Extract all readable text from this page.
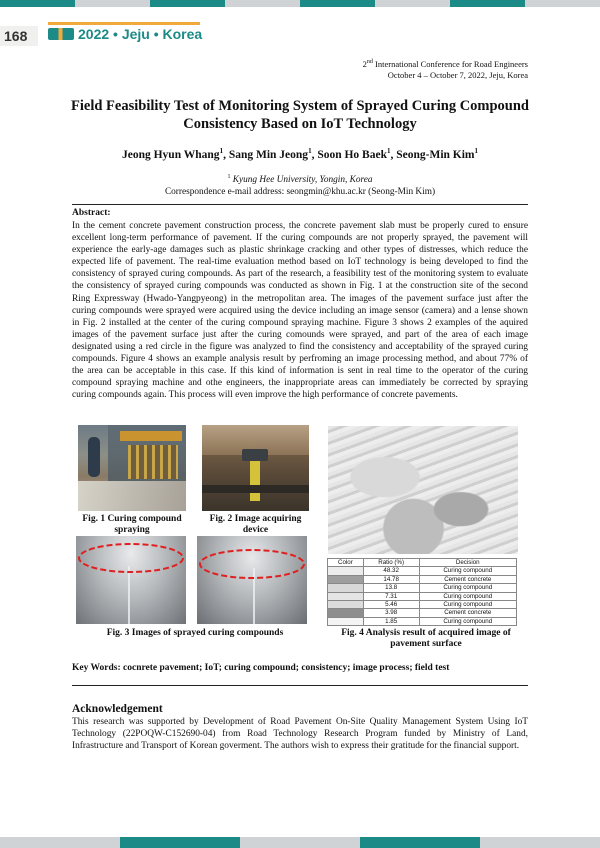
168	2022 • Jeju • Korea
2nd International Conference for Road Engineers
October 4 – October 7, 2022, Jeju, Korea
Field Feasibility Test of Monitoring System of Sprayed Curing Compound Consistency Based on IoT Technology
Jeong Hyun Whang$^1$, Sang Min Jeong$^1$, Soon Ho Baek$^1$, Seong-Min Kim$^1$
$^1$ Kyung Hee University, Yongin, Korea
Correspondence e-mail address: seongmin@khu.ac.kr (Seong-Min Kim)
Abstract:
In the cement concrete pavement construction process, the concrete pavement slab must be properly cured to ensure excellent long-term performance of pavement. If the curing compounds are not properly sprayed, the pavement will experience the early-age damages such as plastic shrinkage cracking and other types of distresses, which reduce the expected life of pavement. The real-time evaluation method based on IoT technology is being developed to find the consistency of sprayed curing compounds. As part of the research, a feasibility test of the monitoring system to evaluate the consistency of sprayed curing compounds was conducted as shown in Fig. 1 at the construction site of the second Ring Expressway (Hwado-Yangpyeong) in the metropolitan area. The images of the pavement surface just after the curing compounds were sprayed were acquired using the device including an image sensor (camera) and a lense shown in Fig. 2 installed at the center of the curing compound spraying machine. Figure 3 shows 2 examples of the aquired images of the pavement surface just after the curing comounds were sprayed, and part of the area of each image designated using a red circle in the figure was analyzed to find the consistency and acceptability of the sprayed curing compounds. Figure 4 shows an example analysis result by perfroming an image processing method, and about 77% of the area can be acceptable in this case. If this kind of information is sent in real time to the operator of the curing compound spraying machine and othe engineers, the inappropriate areas can immediately be corrected by spraying curing compounds again. This process will even improve the high performance of concrete pavements.
Fig. 1 Curing compound spraying
Fig. 2 Image acquiring device
Fig. 3 Images of sprayed curing compounds
Color	Ratio (%)	Decision
	48.32	Curing compound
	14.78	Cement concrete
	13.8	Curing compound
	7.31	Curing compound
	5.46	Curing compound
	3.98	Cement concrete
	1.85	Curing compound
Fig. 4 Analysis result of acquired image of pavement surface
Key Words: cocnrete pavement; IoT; curing compound; consistency; image process; field test
Acknowledgement
This research was supported by Development of Road Pavement On-Site Quality Management System Using IoT Technology (22POQW-C152690-04) from Road Technology Research Program funded by Ministry of Land, Infrastructure and Transport of Korean goverment. The authors wish to express their gratitude for the financial support.
